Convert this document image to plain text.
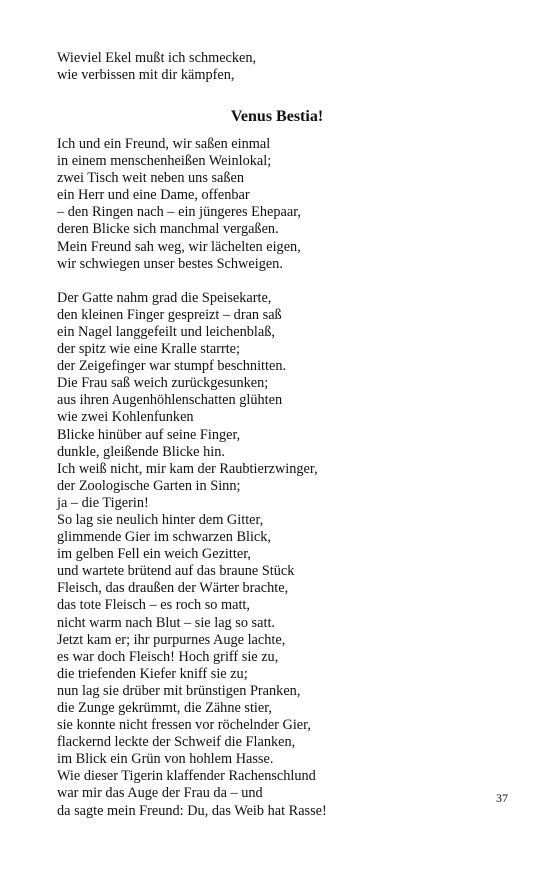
Wieviel Ekel mußt ich schmecken,
wie verbissen mit dir kämpfen,
Venus Bestia!
Ich und ein Freund, wir saßen einmal
in einem menschenheißen Weinlokal;
zwei Tisch weit neben uns saßen
ein Herr und eine Dame, offenbar
– den Ringen nach – ein jüngeres Ehepaar,
deren Blicke sich manchmal vergaßen.
Mein Freund sah weg, wir lächelten eigen,
wir schwiegen unser bestes Schweigen.
Der Gatte nahm grad die Speisekarte,
den kleinen Finger gespreizt – dran saß
ein Nagel langgefeilt und leichenblaß,
der spitz wie eine Kralle starrte;
der Zeigefinger war stumpf beschnitten.
Die Frau saß weich zurückgesunken;
aus ihren Augenhöhlenschatten glühten
wie zwei Kohlenfunken
Blicke hinüber auf seine Finger,
dunkle, gleißende Blicke hin.
Ich weiß nicht, mir kam der Raubtierzwinger,
der Zoologische Garten in Sinn;
ja – die Tigerin!
So lag sie neulich hinter dem Gitter,
glimmende Gier im schwarzen Blick,
im gelben Fell ein weich Gezitter,
und wartete brütend auf das braune Stück
Fleisch, das draußen der Wärter brachte,
das tote Fleisch – es roch so matt,
nicht warm nach Blut – sie lag so satt.
Jetzt kam er; ihr purpurnes Auge lachte,
es war doch Fleisch! Hoch griff sie zu,
die triefenden Kiefer kniff sie zu;
nun lag sie drüber mit brünstigen Pranken,
die Zunge gekrümmt, die Zähne stier,
sie konnte nicht fressen vor röchelnder Gier,
flackernd leckte der Schweif die Flanken,
im Blick ein Grün von hohlem Hasse.
Wie dieser Tigerin klaffender Rachenschlund
war mir das Auge der Frau da – und
da sagte mein Freund: Du, das Weib hat Rasse!
37
